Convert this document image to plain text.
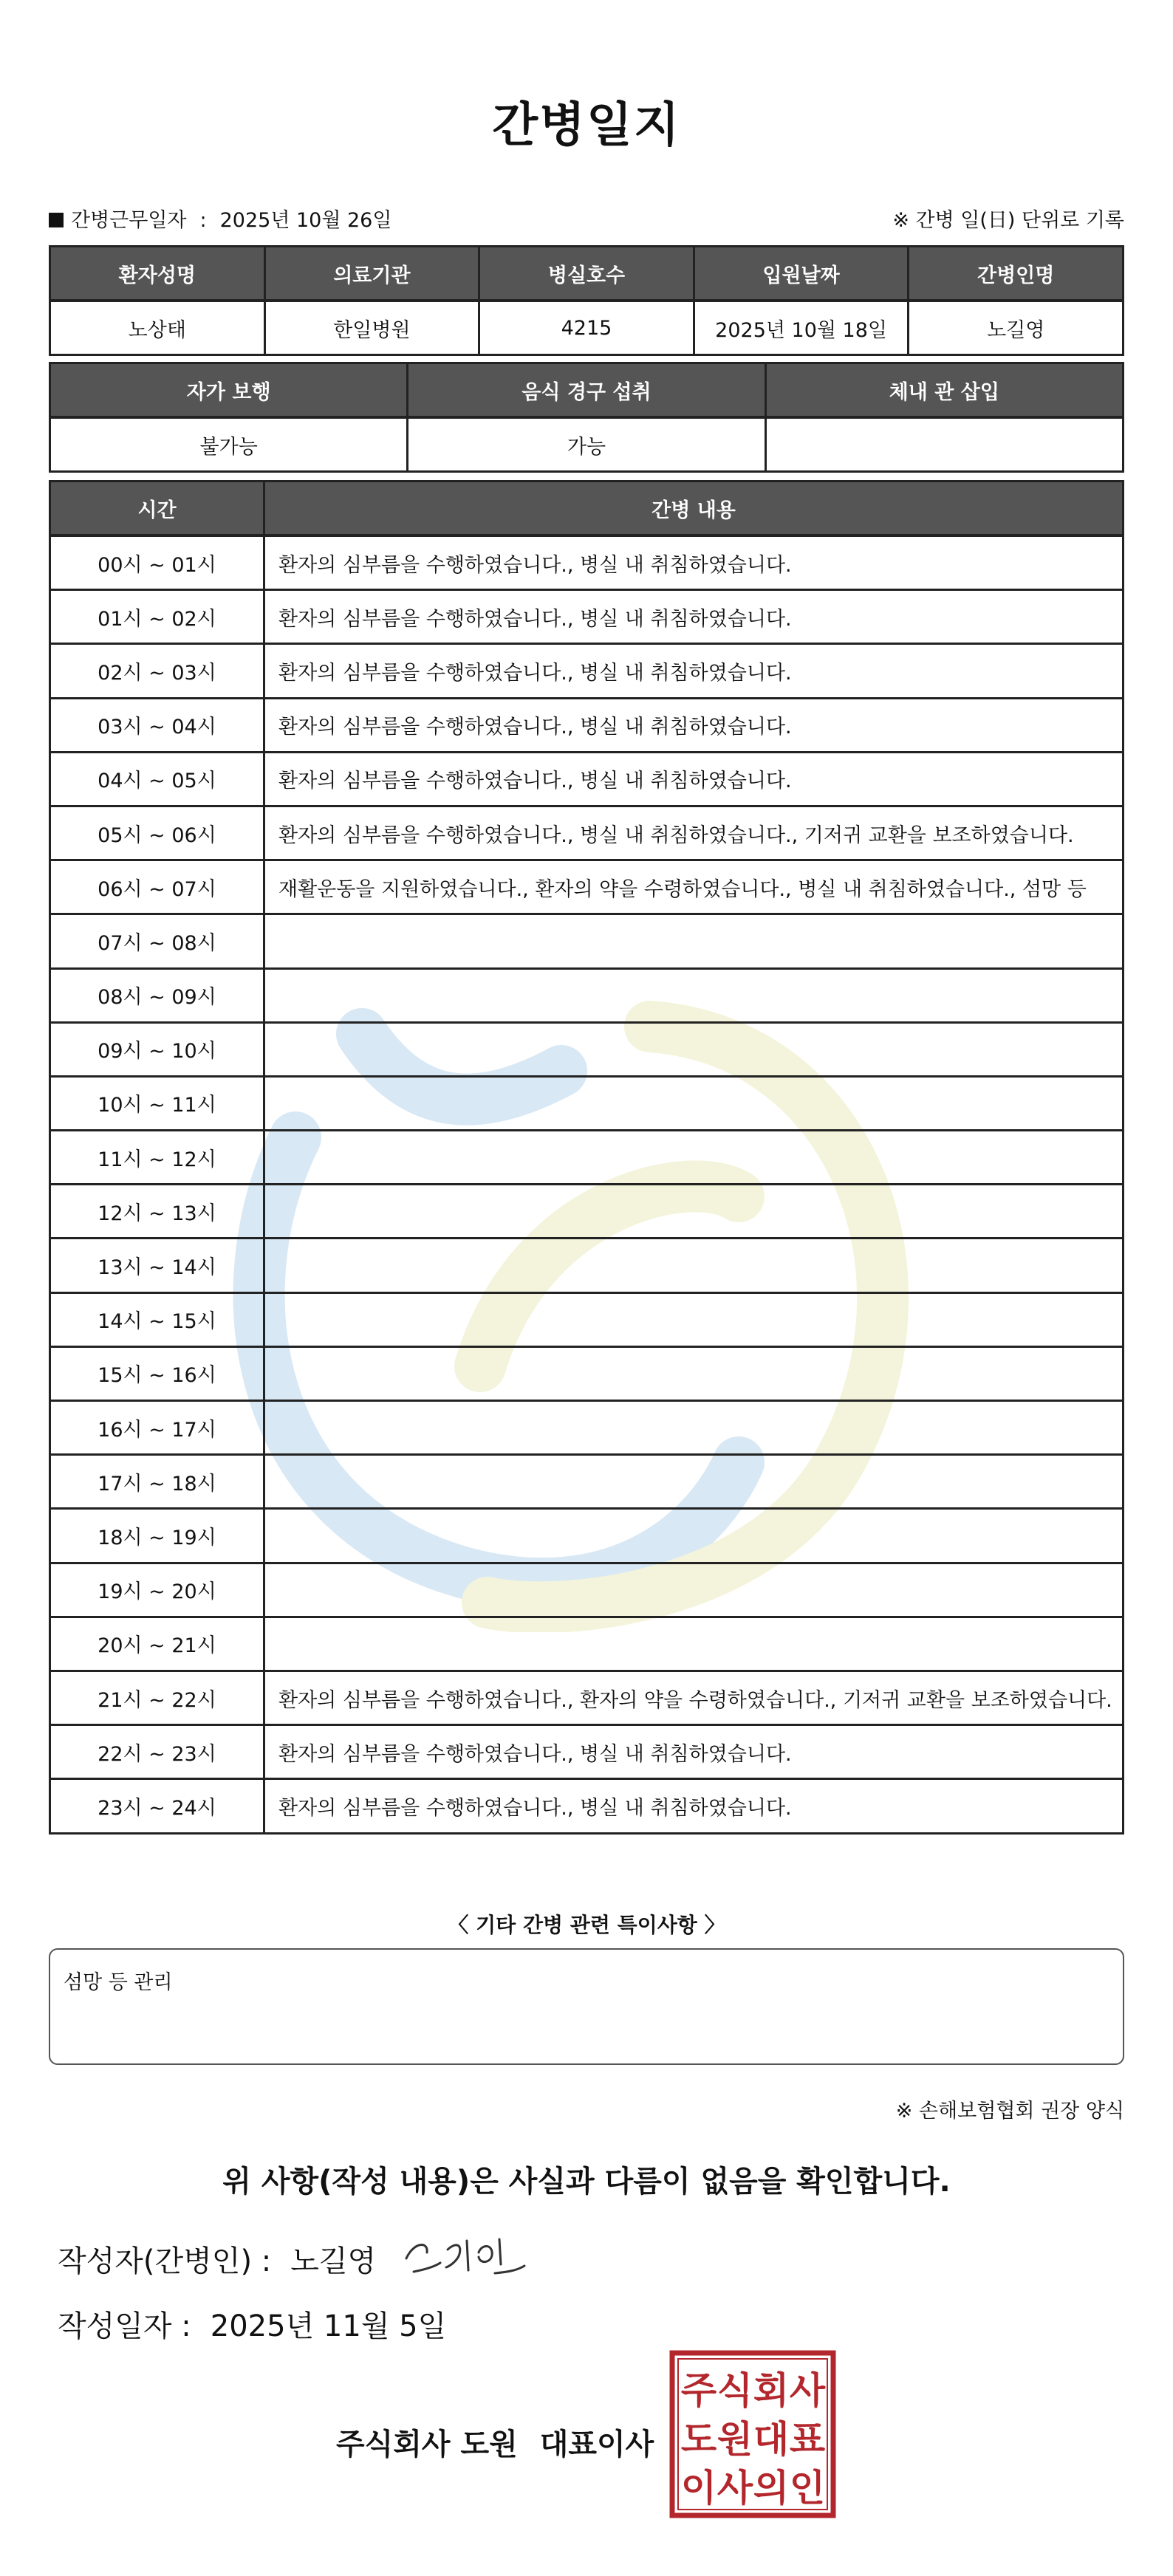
간병일지
간병근무일자 : 2025년 10월 26일	※ 간병 일(日) 단위로 기록
환자성명	의료기관	병실호수	입원날짜	간병인명
노상태	한일병원	4215	2025년 10월 18일	노길영
자가 보행	음식 경구 섭취	체내 관 삽입
불가능	가능	
시간	간병 내용
00시 ~ 01시	환자의 심부름을 수행하였습니다., 병실 내 취침하였습니다.
01시 ~ 02시	환자의 심부름을 수행하였습니다., 병실 내 취침하였습니다.
02시 ~ 03시	환자의 심부름을 수행하였습니다., 병실 내 취침하였습니다.
03시 ~ 04시	환자의 심부름을 수행하였습니다., 병실 내 취침하였습니다.
04시 ~ 05시	환자의 심부름을 수행하였습니다., 병실 내 취침하였습니다.
05시 ~ 06시	환자의 심부름을 수행하였습니다., 병실 내 취침하였습니다., 기저귀 교환을 보조하였습니다.
06시 ~ 07시	재활운동을 지원하였습니다., 환자의 약을 수령하였습니다., 병실 내 취침하였습니다., 섬망 등
07시 ~ 08시	
08시 ~ 09시	
09시 ~ 10시	
10시 ~ 11시	
11시 ~ 12시	
12시 ~ 13시	
13시 ~ 14시	
14시 ~ 15시	
15시 ~ 16시	
16시 ~ 17시	
17시 ~ 18시	
18시 ~ 19시	
19시 ~ 20시	
20시 ~ 21시	
21시 ~ 22시	환자의 심부름을 수행하였습니다., 환자의 약을 수령하였습니다., 기저귀 교환을 보조하였습니다.
22시 ~ 23시	환자의 심부름을 수행하였습니다., 병실 내 취침하였습니다.
23시 ~ 24시	환자의 심부름을 수행하였습니다., 병실 내 취침하였습니다.
〈 기타 간병 관련 특이사항 〉
섬망 등 관리
※ 손해보험협회 권장 양식
위 사항(작성 내용)은 사실과 다름이 없음을 확인합니다.
작성자(간병인) : 노길영
작성일자 : 2025년 11월 5일
주식회사 도원 대표이사
주 식 회 사
도 원 대 표
이 사 의 인
